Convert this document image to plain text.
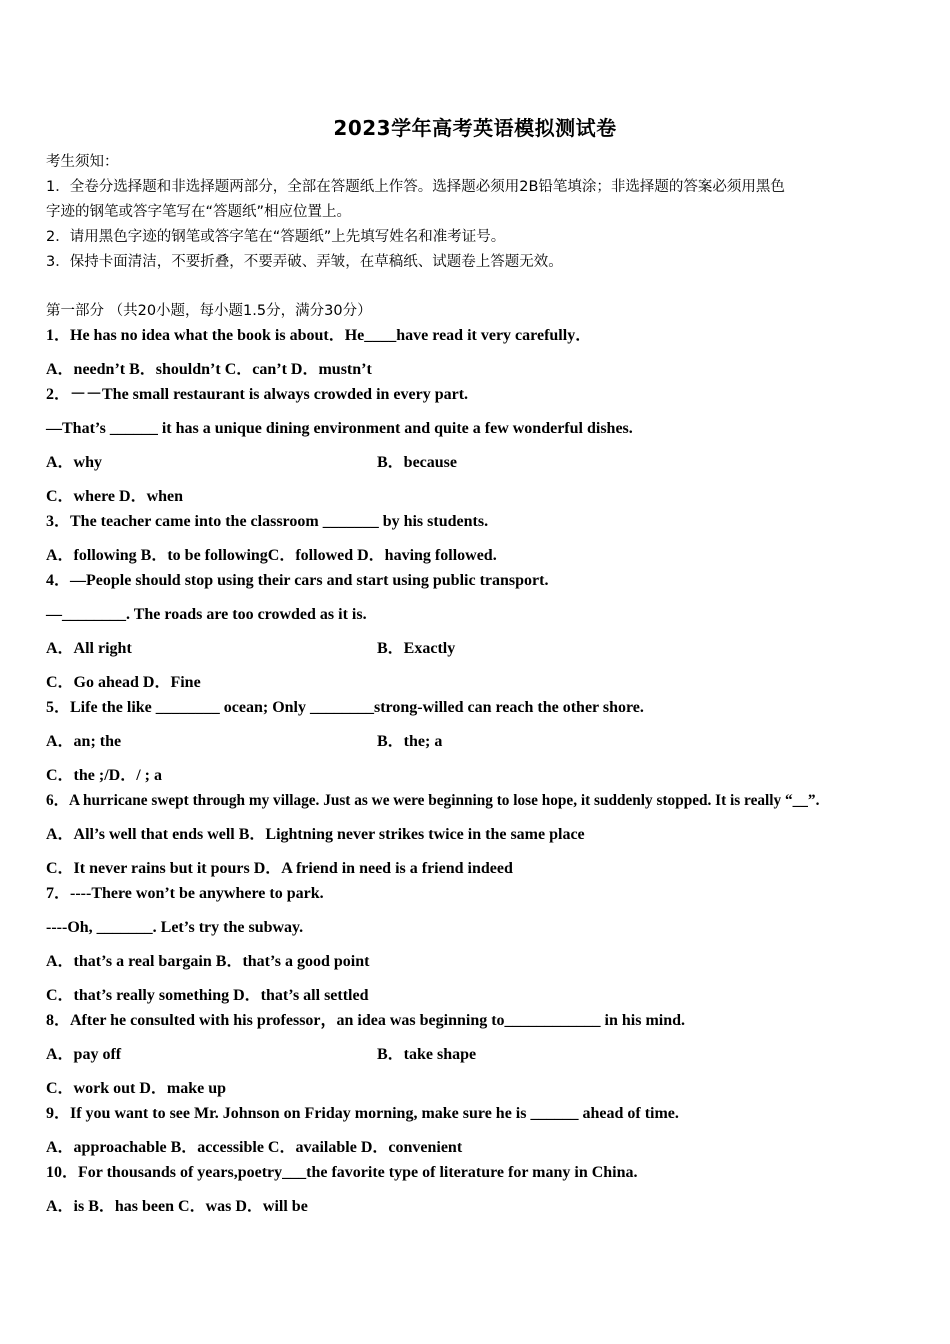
2023学年高考英语模拟测试卷
考生须知：
1．全卷分选择题和非选择题两部分，全部在答题纸上作答。选择题必须用2B铅笔填涂；非选择题的答案必须用黑色
字迹的钢笔或答字笔写在“答题纸”相应位置上。
2．请用黑色字迹的钢笔或答字笔在“答题纸”上先填写姓名和准考证号。
3．保持卡面清洁，不要折叠，不要弄破、弄皱，在草稿纸、试题卷上答题无效。
第一部分 （共20小题，每小题1.5分，满分30分）
1．He has no idea what the book is about．He____have read it very carefully．
A．needn’t B．shouldn’t C．can’t D．mustn’t
2．－－The small restaurant is always crowded in every part.
—That’s ______ it has a unique dining environment and quite a few wonderful dishes.
A．why	B．because
C．where D．when
3．The teacher came into the classroom _______ by his students.
A．following B．to be followingC．followed D．having followed.
4．—People should stop using their cars and start using public transport.
—________. The roads are too crowded as it is.
A．All right	B．Exactly
C．Go ahead D．Fine
5．Life the like ________ ocean; Only ________strong-willed can reach the other shore.
A．an; the	B．the; a
C．the ;/D．/ ; a
6．A hurricane swept through my village. Just as we were beginning to lose hope, it suddenly stopped. It is really “__”.
A．All’s well that ends well B．Lightning never strikes twice in the same place
C．It never rains but it pours D．A friend in need is a friend indeed
7．----There won’t be anywhere to park.
----Oh, _______. Let’s try the subway.
A．that’s a real bargain B．that’s a good point
C．that’s really something D．that’s all settled
8．After he consulted with his professor，an idea was beginning to____________ in his mind.
A．pay off	B．take shape
C．work out D．make up
9．If you want to see Mr. Johnson on Friday morning, make sure he is ______ ahead of time.
A．approachable B．accessible C．available D．convenient
10．For thousands of years,poetry___the favorite type of literature for many in China.
A．is B．has been C．was D．will be
